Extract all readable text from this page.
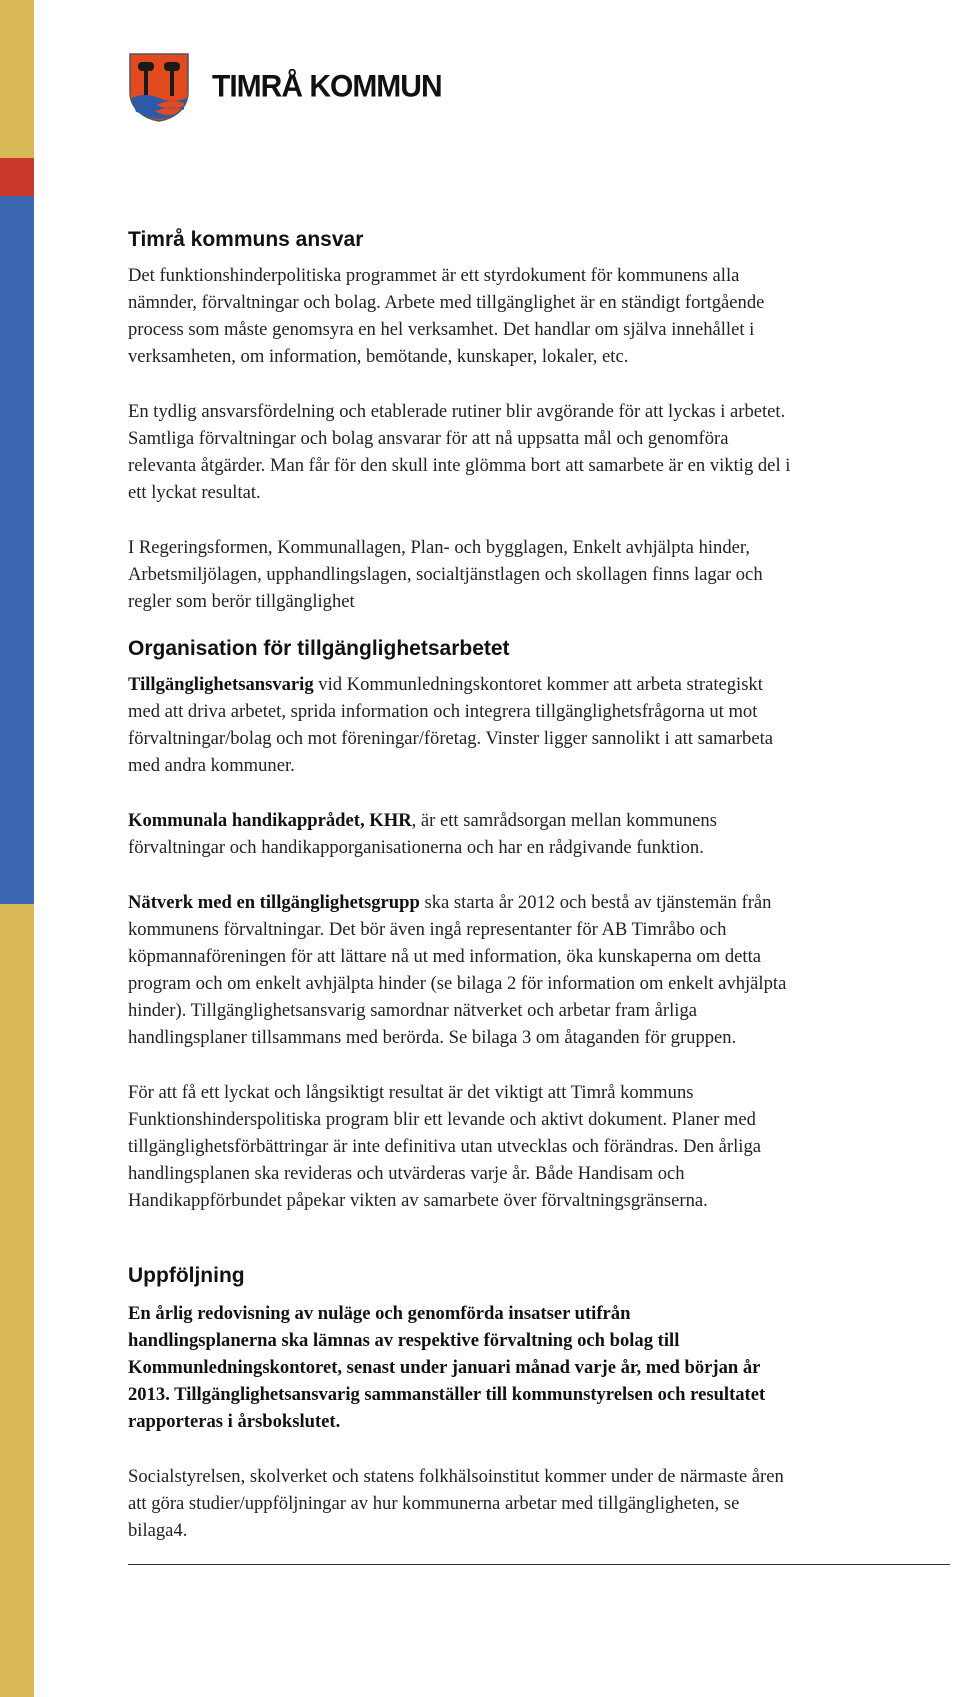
TIMRÅ KOMMUN
Timrå kommuns ansvar

Det funktionshinderpolitiska programmet är ett styrdokument för kommunens alla
nämnder, förvaltningar och bolag. Arbete med tillgänglighet är en ständigt fortgående
process som måste genomsyra en hel verksamhet. Det handlar om själva innehållet i
verksamheten, om information, bemötande, kunskaper, lokaler, etc.

En tydlig ansvarsfördelning och etablerade rutiner blir avgörande för att lyckas i arbetet.
Samtliga förvaltningar och bolag ansvarar för att nå uppsatta mål och genomföra
relevanta åtgärder. Man får för den skull inte glömma bort att samarbete är en viktig del i
ett lyckat resultat.

I Regeringsformen, Kommunallagen, Plan- och bygglagen, Enkelt avhjälpta hinder,
Arbetsmiljölagen, upphandlingslagen, socialtjänstlagen och skollagen finns lagar och
regler som berör tillgänglighet

Organisation för tillgänglighetsarbetet

Tillgänglighetsansvarig vid Kommunledningskontoret kommer att arbeta strategiskt
med att driva arbetet, sprida information och integrera tillgänglighetsfrågorna ut mot
förvaltningar/bolag och mot föreningar/företag. Vinster ligger sannolikt i att samarbeta
med andra kommuner.

Kommunala handikapprådet, KHR, är ett samrådsorgan mellan kommunens
förvaltningar och handikapporganisationerna och har en rådgivande funktion.

Nätverk med en tillgänglighetsgrupp ska starta år 2012 och bestå av tjänstemän från
kommunens förvaltningar. Det bör även ingå representanter för AB Timråbo och
köpmannaföreningen för att lättare nå ut med information, öka kunskaperna om detta
program och om enkelt avhjälpta hinder (se bilaga 2 för information om enkelt avhjälpta
hinder). Tillgänglighetsansvarig samordnar nätverket och arbetar fram årliga
handlingsplaner tillsammans med berörda. Se bilaga 3 om åtaganden för gruppen.

För att få ett lyckat och långsiktigt resultat är det viktigt att Timrå kommuns
Funktionshinderspolitiska program blir ett levande och aktivt dokument. Planer med
tillgänglighetsförbättringar är inte definitiva utan utvecklas och förändras. Den årliga
handlingsplanen ska revideras och utvärderas varje år. Både Handisam och
Handikappförbundet påpekar vikten av samarbete över förvaltningsgränserna.

Uppföljning

En årlig redovisning av nuläge och genomförda insatser utifrån
handlingsplanerna ska lämnas av respektive förvaltning och bolag till
Kommunledningskontoret, senast under januari månad varje år, med början år
2013. Tillgänglighetsansvarig sammanställer till kommunstyrelsen och resultatet
rapporteras i årsbokslutet.

Socialstyrelsen, skolverket och statens folkhälsoinstitut kommer under de närmaste åren
att göra studier/uppföljningar av hur kommunerna arbetar med tillgängligheten, se
bilaga4.
